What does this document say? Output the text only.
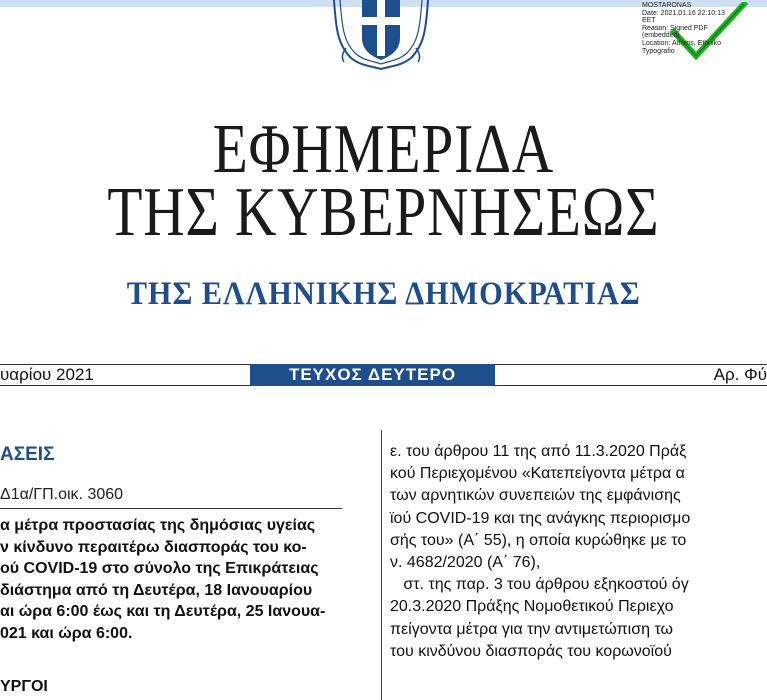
MOSTARONAS
Date: 2021.01.16 22:10:13
EET
Reason: Signed PDF
(embedded)
Location: Athens, Ethniko
Typografio
ΕΦΗΜΕΡΙΔΑ
ΤΗΣ ΚΥΒΕΡΝΗΣΕΩΣ
ΤΗΣ ΕΛΛΗΝΙΚΗΣ ΔΗΜΟΚΡΑΤΙΑΣ
υαρίου 2021	ΤΕΥΧΟΣ ΔΕΥΤΕΡΟ	Αρ. Φύ
ΑΣΕΙΣ
Δ1α/ΓΠ.οικ. 3060
α μέτρα προστασίας της δημόσιας υγείας
ν κίνδυνο περαιτέρω διασποράς του κο-
ού COVID-19 στο σύνολο της Επικράτειας
διάστημα από τη Δευτέρα, 18 Ιανουαρίου
αι ώρα 6:00 έως και τη Δευτέρα, 25 Ιανουα-
021 και ώρα 6:00.
ΥΡΓΟΙ
ε. του άρθρου 11 της από 11.3.2020 Πράξ
κού Περιεχομένου «Κατεπείγοντα μέτρα α
των αρνητικών συνεπειών της εμφάνισης
ϊού COVID-19 και της ανάγκης περιορισμο
σής του» (Α΄ 55), η οποία κυρώθηκε με το
ν. 4682/2020 (Α΄ 76),
στ. της παρ. 3 του άρθρου εξηκοστού όγ
20.3.2020 Πράξης Νομοθετικού Περιεχο
πείγοντα μέτρα για την αντιμετώπιση τω
του κινδύνου διασποράς του κορωνοϊού
